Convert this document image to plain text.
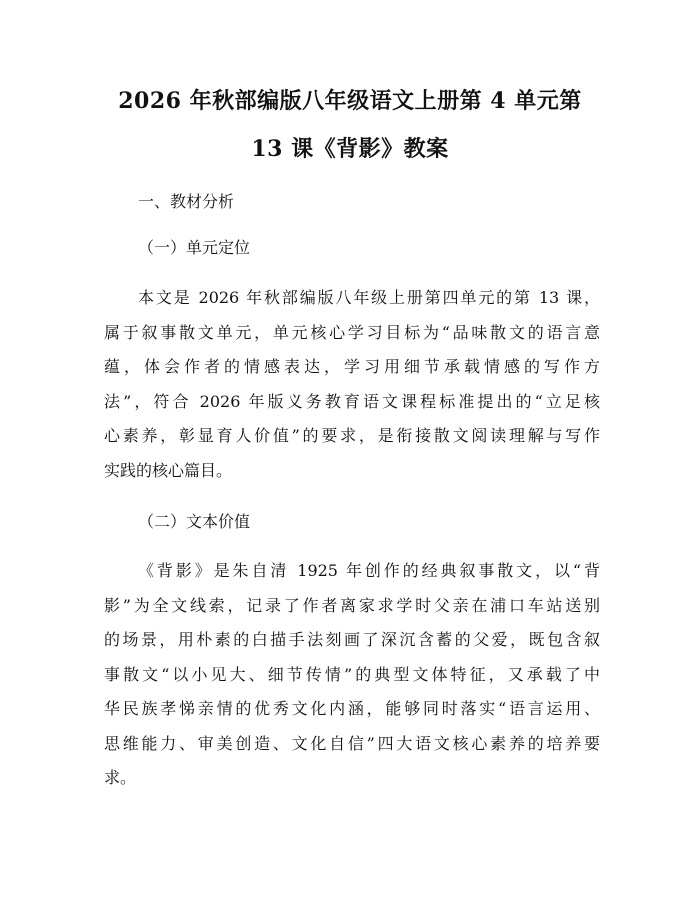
2026 年秋部编版八年级语文上册第 4 单元第
13 课《背影》教案
一、教材分析
（一）单元定位
本文是 2026 年秋部编版八年级上册第四单元的第 13 课，
属于叙事散文单元，单元核心学习目标为“品味散文的语言意
蕴，体会作者的情感表达，学习用细节承载情感的写作方
法”，符合 2026 年版义务教育语文课程标准提出的“立足核
心素养，彰显育人价值”的要求，是衔接散文阅读理解与写作
实践的核心篇目。
（二）文本价值
《背影》是朱自清 1925 年创作的经典叙事散文，以“背
影”为全文线索，记录了作者离家求学时父亲在浦口车站送别
的场景，用朴素的白描手法刻画了深沉含蓄的父爱，既包含叙
事散文“以小见大、细节传情”的典型文体特征，又承载了中
华民族孝悌亲情的优秀文化内涵，能够同时落实“语言运用、
思维能力、审美创造、文化自信”四大语文核心素养的培养要
求。
